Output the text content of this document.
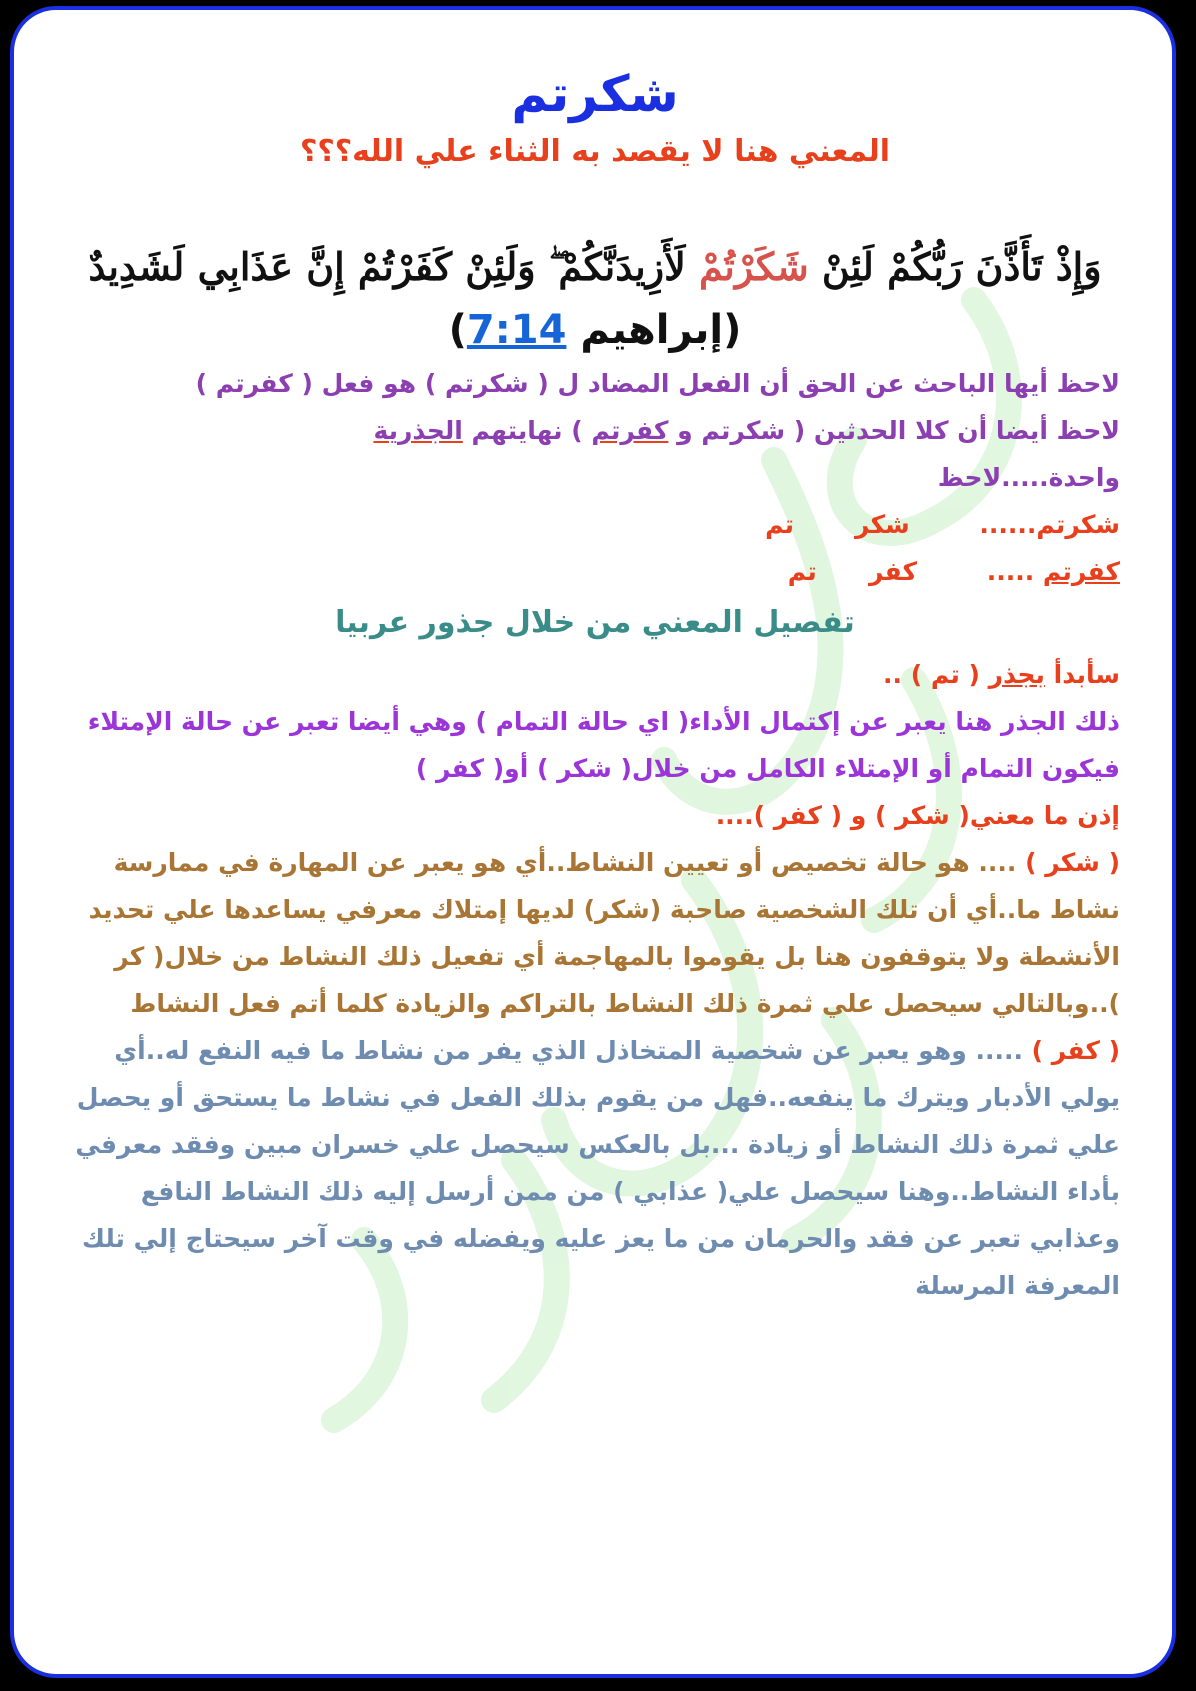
شكرتم
المعني هنا لا يقصد به الثناء علي الله؟؟؟
وَإِذْ تَأَذَّنَ رَبُّكُمْ لَئِنْ شَكَرْتُمْ لَأَزِيدَنَّكُمْ ۖ وَلَئِنْ كَفَرْتُمْ إِنَّ عَذَابِي لَشَدِيدٌ
(إبراهيم 7:14)
لاحظ أيها الباحث عن الحق أن الفعل المضاد ل ( شكرتم ) هو فعل ( كفرتم )
لاحظ أيضا أن كلا الحدثين ( شكرتم و كفرتم ) نهايتهم الجذرية
واحدة.....لاحظ
شكرتم......        شكر       تم
كفرتم .....        كفر      تم
تفصيل المعني من خلال جذور عربيا
سأبدأ بجذر ( تم ) ..
ذلك الجذر هنا يعبر عن إكتمال الأداء( اي حالة التمام ) وهي أيضا تعبر عن حالة الإمتلاء
فيكون التمام أو الإمتلاء الكامل من خلال( شكر ) أو( كفر )
إذن ما معني( شكر ) و ( كفر )....
( شكر ) .... هو حالة تخصيص أو تعيين النشاط..أي هو يعبر عن المهارة في ممارسة نشاط ما..أي أن تلك الشخصية صاحبة (شكر) لديها إمتلاك معرفي يساعدها علي تحديد الأنشطة ولا يتوقفون هنا بل يقوموا بالمهاجمة أي تفعيل ذلك النشاط من خلال( كر )..وبالتالي سيحصل علي ثمرة ذلك النشاط بالتراكم والزيادة كلما أتم فعل النشاط
( كفر ) ..... وهو يعبر عن شخصية المتخاذل الذي يفر من نشاط ما فيه النفع له..أي يولي الأدبار ويترك ما ينفعه..فهل من يقوم بذلك الفعل في نشاط ما يستحق أو يحصل علي ثمرة ذلك النشاط أو زيادة ...بل بالعكس سيحصل علي خسران مبين وفقد معرفي بأداء النشاط..وهنا سيحصل علي( عذابي ) من ممن أرسل إليه ذلك النشاط النافع وعذابي تعبر عن فقد والحرمان من ما يعز عليه ويفضله في وقت آخر سيحتاج إلي تلك المعرفة المرسلة
